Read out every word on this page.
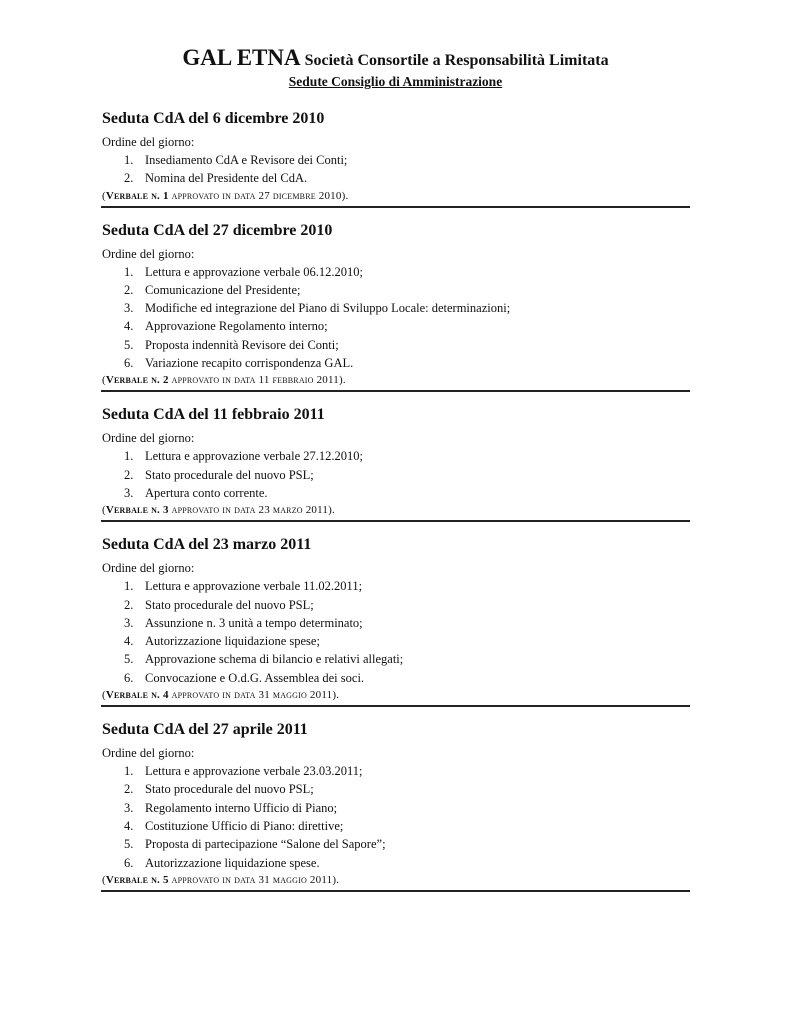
GAL ETNA Società Consortile a Responsabilità Limitata
Sedute Consiglio di Amministrazione
Seduta CdA del 6 dicembre 2010
Ordine del giorno:
1. Insediamento CdA e Revisore dei Conti;
2. Nomina del Presidente del CdA.
(Verbale n. 1 approvato in data 27 dicembre 2010).
Seduta CdA del 27 dicembre 2010
Ordine del giorno:
1. Lettura e approvazione verbale 06.12.2010;
2. Comunicazione del Presidente;
3. Modifiche ed integrazione del Piano di Sviluppo Locale: determinazioni;
4. Approvazione Regolamento interno;
5. Proposta indennità Revisore dei Conti;
6. Variazione recapito corrispondenza GAL.
(Verbale n. 2 approvato in data 11 febbraio 2011).
Seduta CdA del 11 febbraio 2011
Ordine del giorno:
1. Lettura e approvazione verbale 27.12.2010;
2. Stato procedurale del nuovo PSL;
3. Apertura conto corrente.
(Verbale n. 3 approvato in data 23 marzo 2011).
Seduta CdA del 23 marzo 2011
Ordine del giorno:
1. Lettura e approvazione verbale 11.02.2011;
2. Stato procedurale del nuovo PSL;
3. Assunzione n. 3 unità a tempo determinato;
4. Autorizzazione liquidazione spese;
5. Approvazione schema di bilancio e relativi allegati;
6. Convocazione e O.d.G. Assemblea dei soci.
(Verbale n. 4 approvato in data 31 maggio 2011).
Seduta CdA del 27 aprile 2011
Ordine del giorno:
1. Lettura e approvazione verbale 23.03.2011;
2. Stato procedurale del nuovo PSL;
3. Regolamento interno Ufficio di Piano;
4. Costituzione Ufficio di Piano: direttive;
5. Proposta di partecipazione “Salone del Sapore”;
6. Autorizzazione liquidazione spese.
(Verbale n. 5 approvato in data 31 maggio 2011).
